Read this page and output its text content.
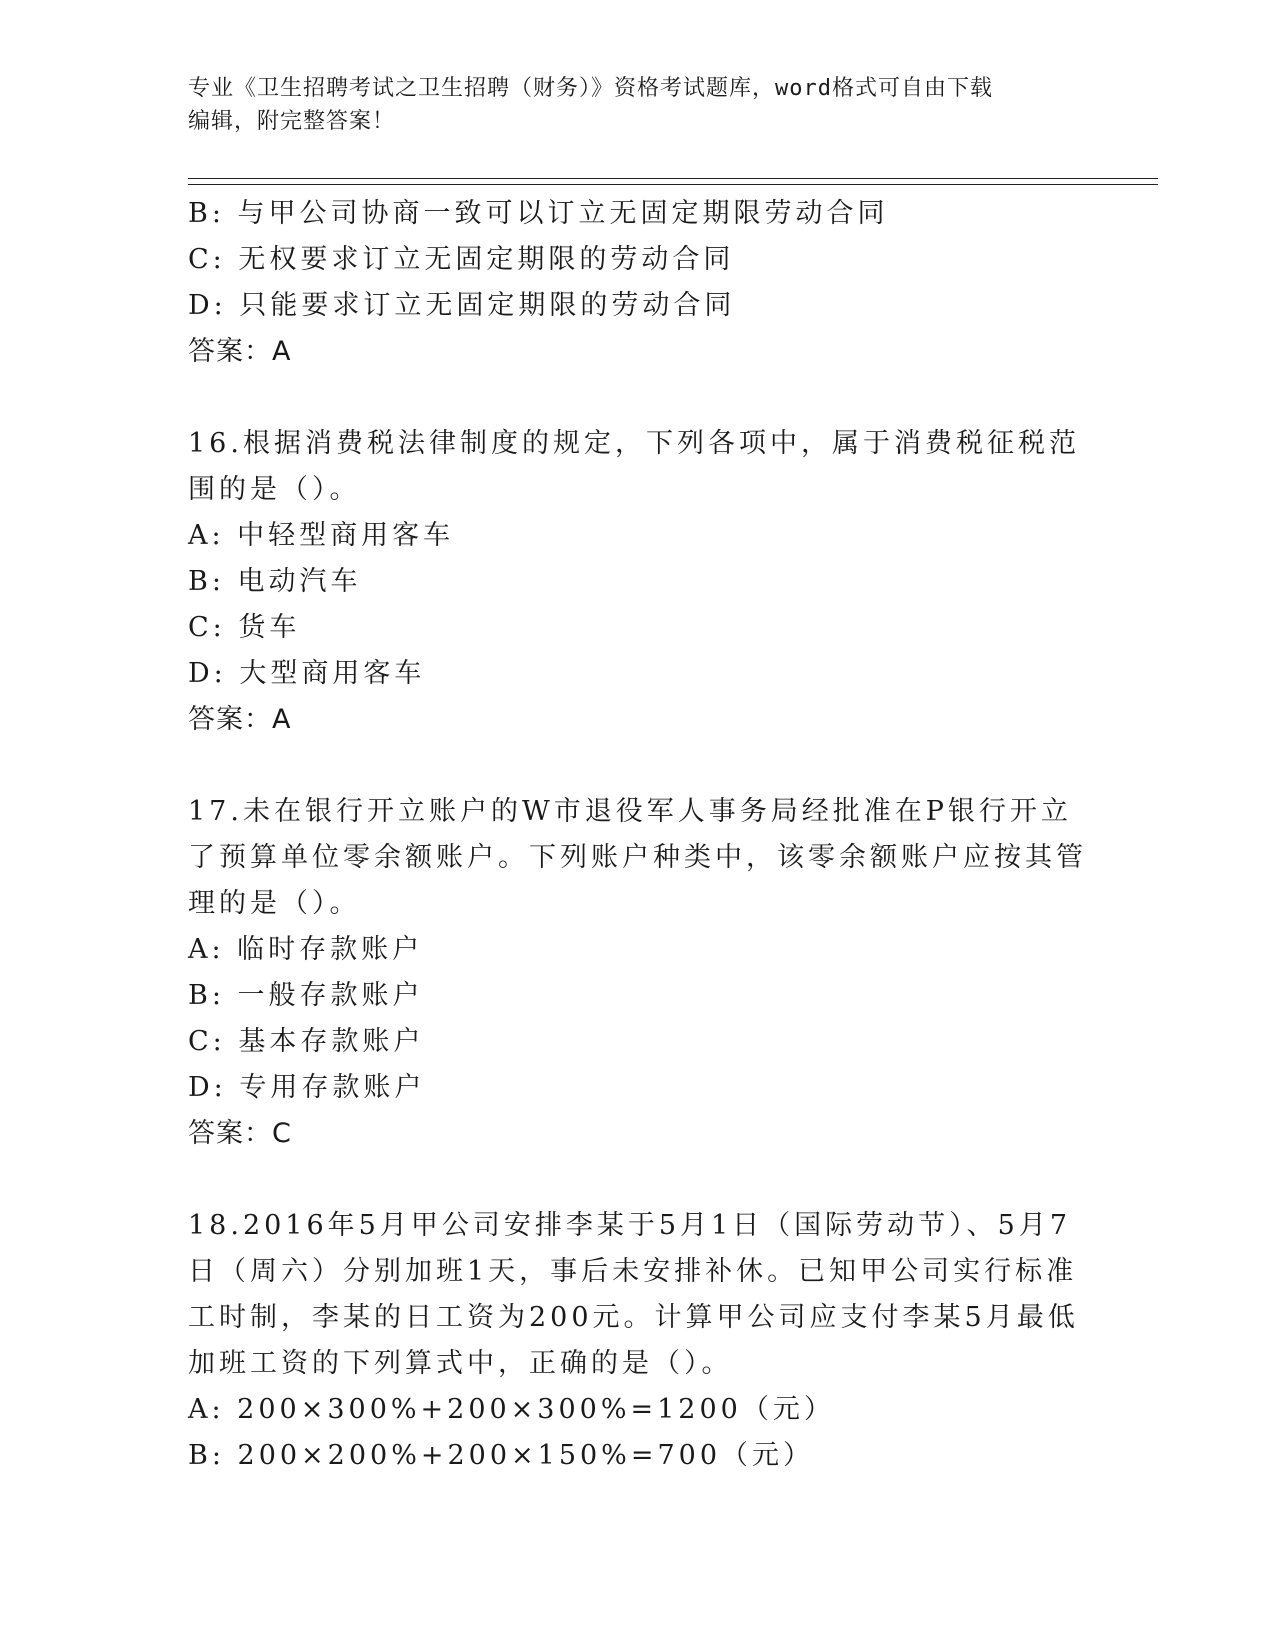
专业《卫生招聘考试之卫生招聘（财务）》资格考试题库，word格式可自由下载
编辑，附完整答案！
B: 与甲公司协商一致可以订立无固定期限劳动合同
C: 无权要求订立无固定期限的劳动合同
D: 只能要求订立无固定期限的劳动合同
答案：A
16.根据消费税法律制度的规定，下列各项中，属于消费税征税范围的是（）。
A: 中轻型商用客车
B: 电动汽车
C: 货车
D: 大型商用客车
答案：A
17.未在银行开立账户的W市退役军人事务局经批准在P银行开立了预算单位零余额账户。下列账户种类中，该零余额账户应按其管理的是（）。
A: 临时存款账户
B: 一般存款账户
C: 基本存款账户
D: 专用存款账户
答案：C
18.2016年5月甲公司安排李某于5月1日（国际劳动节）、5月7日（周六）分别加班1天，事后未安排补休。已知甲公司实行标准工时制，李某的日工资为200元。计算甲公司应支付李某5月最低加班工资的下列算式中，正确的是（）。
A: 200×300%+200×300%=1200（元）
B: 200×200%+200×150%=700（元）
